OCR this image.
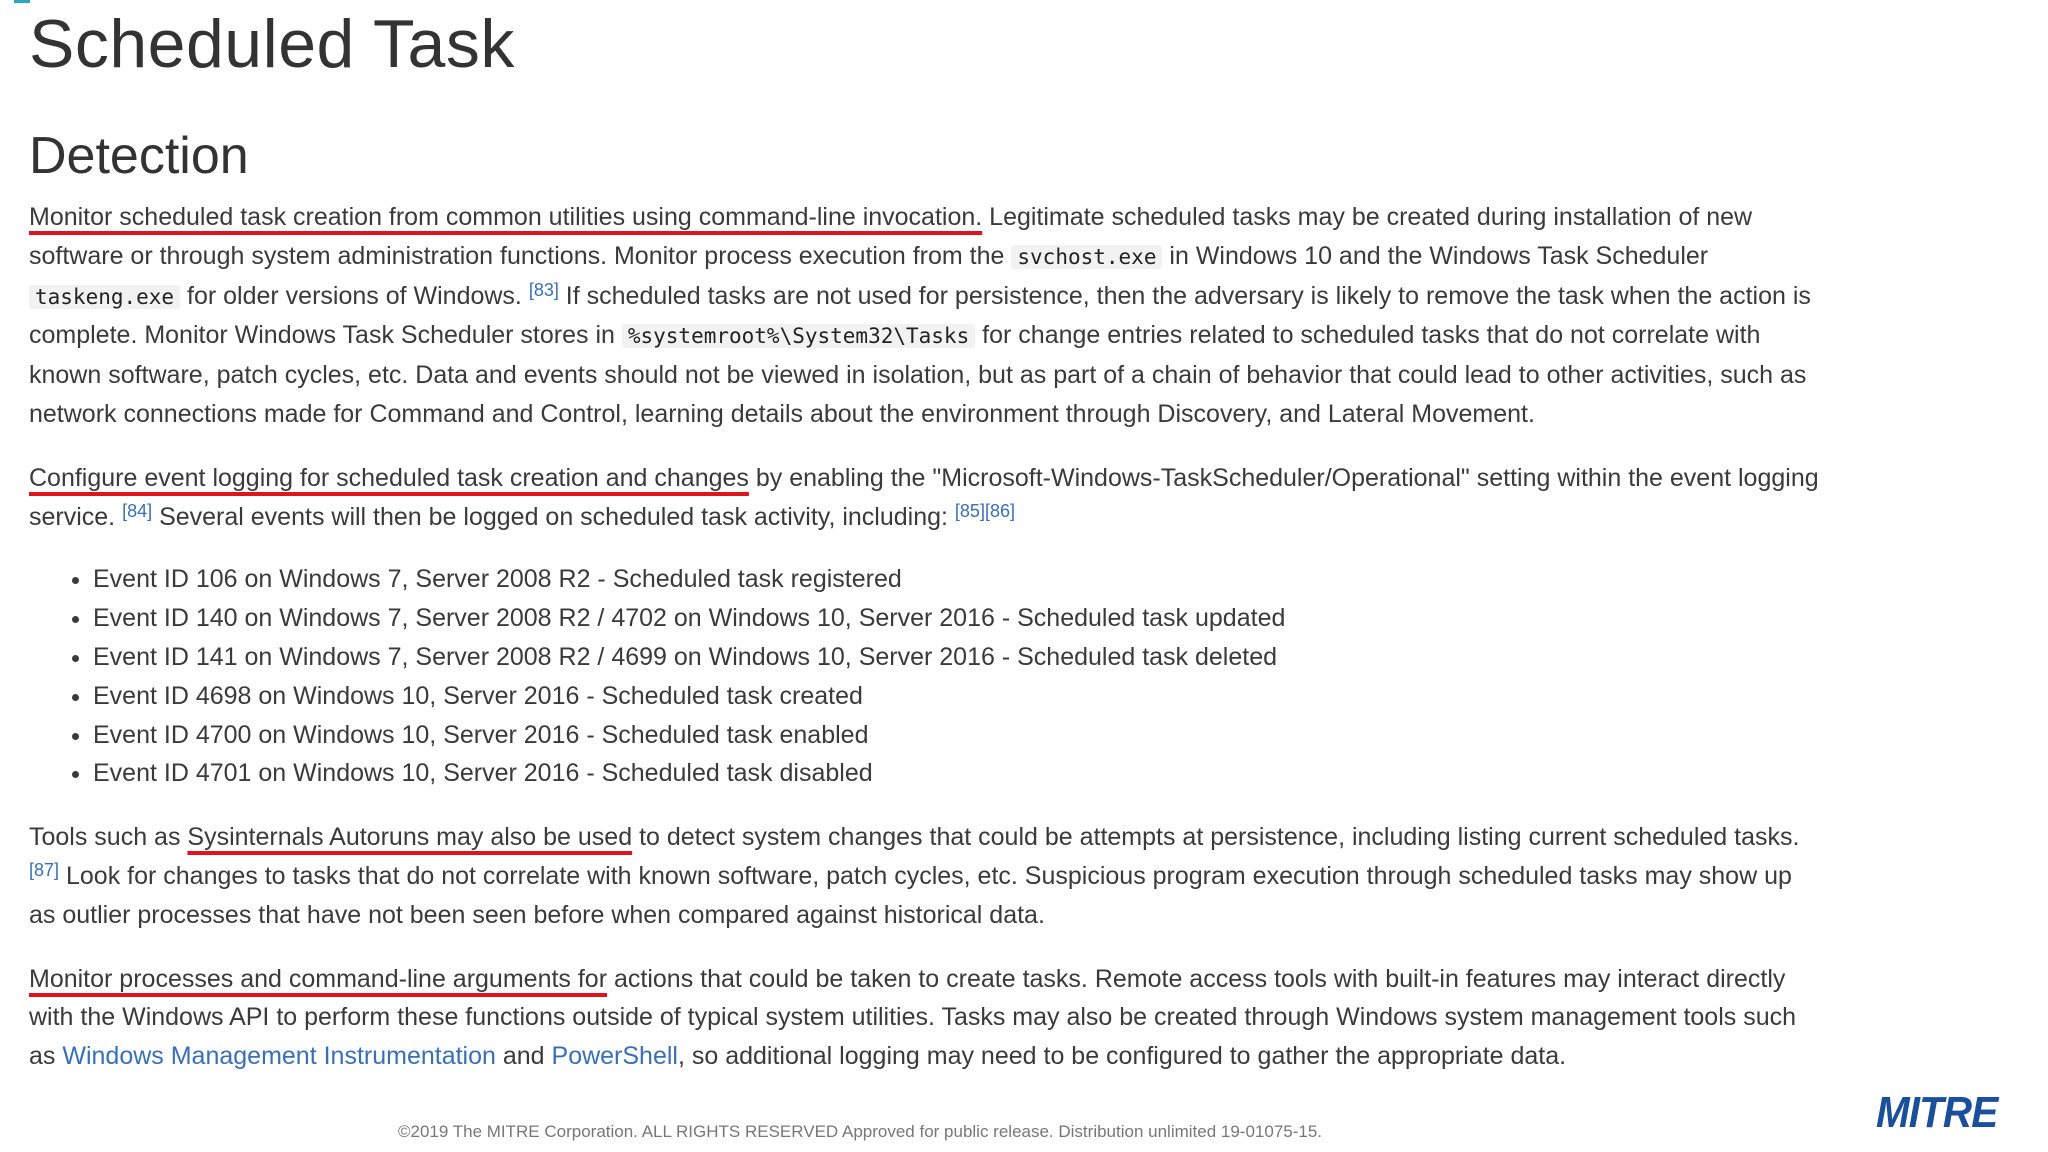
Scheduled Task
Detection

Monitor scheduled task creation from common utilities using command-line invocation. Legitimate scheduled tasks may be created during installation of new software or through system administration functions. Monitor process execution from the svchost.exe in Windows 10 and the Windows Task Scheduler taskeng.exe for older versions of Windows. [83] If scheduled tasks are not used for persistence, then the adversary is likely to remove the task when the action is complete. Monitor Windows Task Scheduler stores in %systemroot%\System32\Tasks for change entries related to scheduled tasks that do not correlate with known software, patch cycles, etc. Data and events should not be viewed in isolation, but as part of a chain of behavior that could lead to other activities, such as network connections made for Command and Control, learning details about the environment through Discovery, and Lateral Movement.

Configure event logging for scheduled task creation and changes by enabling the "Microsoft-Windows-TaskScheduler/Operational" setting within the event logging service. [84] Several events will then be logged on scheduled task activity, including: [85][86]

• Event ID 106 on Windows 7, Server 2008 R2 - Scheduled task registered
• Event ID 140 on Windows 7, Server 2008 R2 / 4702 on Windows 10, Server 2016 - Scheduled task updated
• Event ID 141 on Windows 7, Server 2008 R2 / 4699 on Windows 10, Server 2016 - Scheduled task deleted
• Event ID 4698 on Windows 10, Server 2016 - Scheduled task created
• Event ID 4700 on Windows 10, Server 2016 - Scheduled task enabled
• Event ID 4701 on Windows 10, Server 2016 - Scheduled task disabled

Tools such as Sysinternals Autoruns may also be used to detect system changes that could be attempts at persistence, including listing current scheduled tasks. [87] Look for changes to tasks that do not correlate with known software, patch cycles, etc. Suspicious program execution through scheduled tasks may show up as outlier processes that have not been seen before when compared against historical data.

Monitor processes and command-line arguments for actions that could be taken to create tasks. Remote access tools with built-in features may interact directly with the Windows API to perform these functions outside of typical system utilities. Tasks may also be created through Windows system management tools such as Windows Management Instrumentation and PowerShell, so additional logging may need to be configured to gather the appropriate data.

©2019 The MITRE Corporation. ALL RIGHTS RESERVED Approved for public release. Distribution unlimited 19-01075-15.	MITRE
